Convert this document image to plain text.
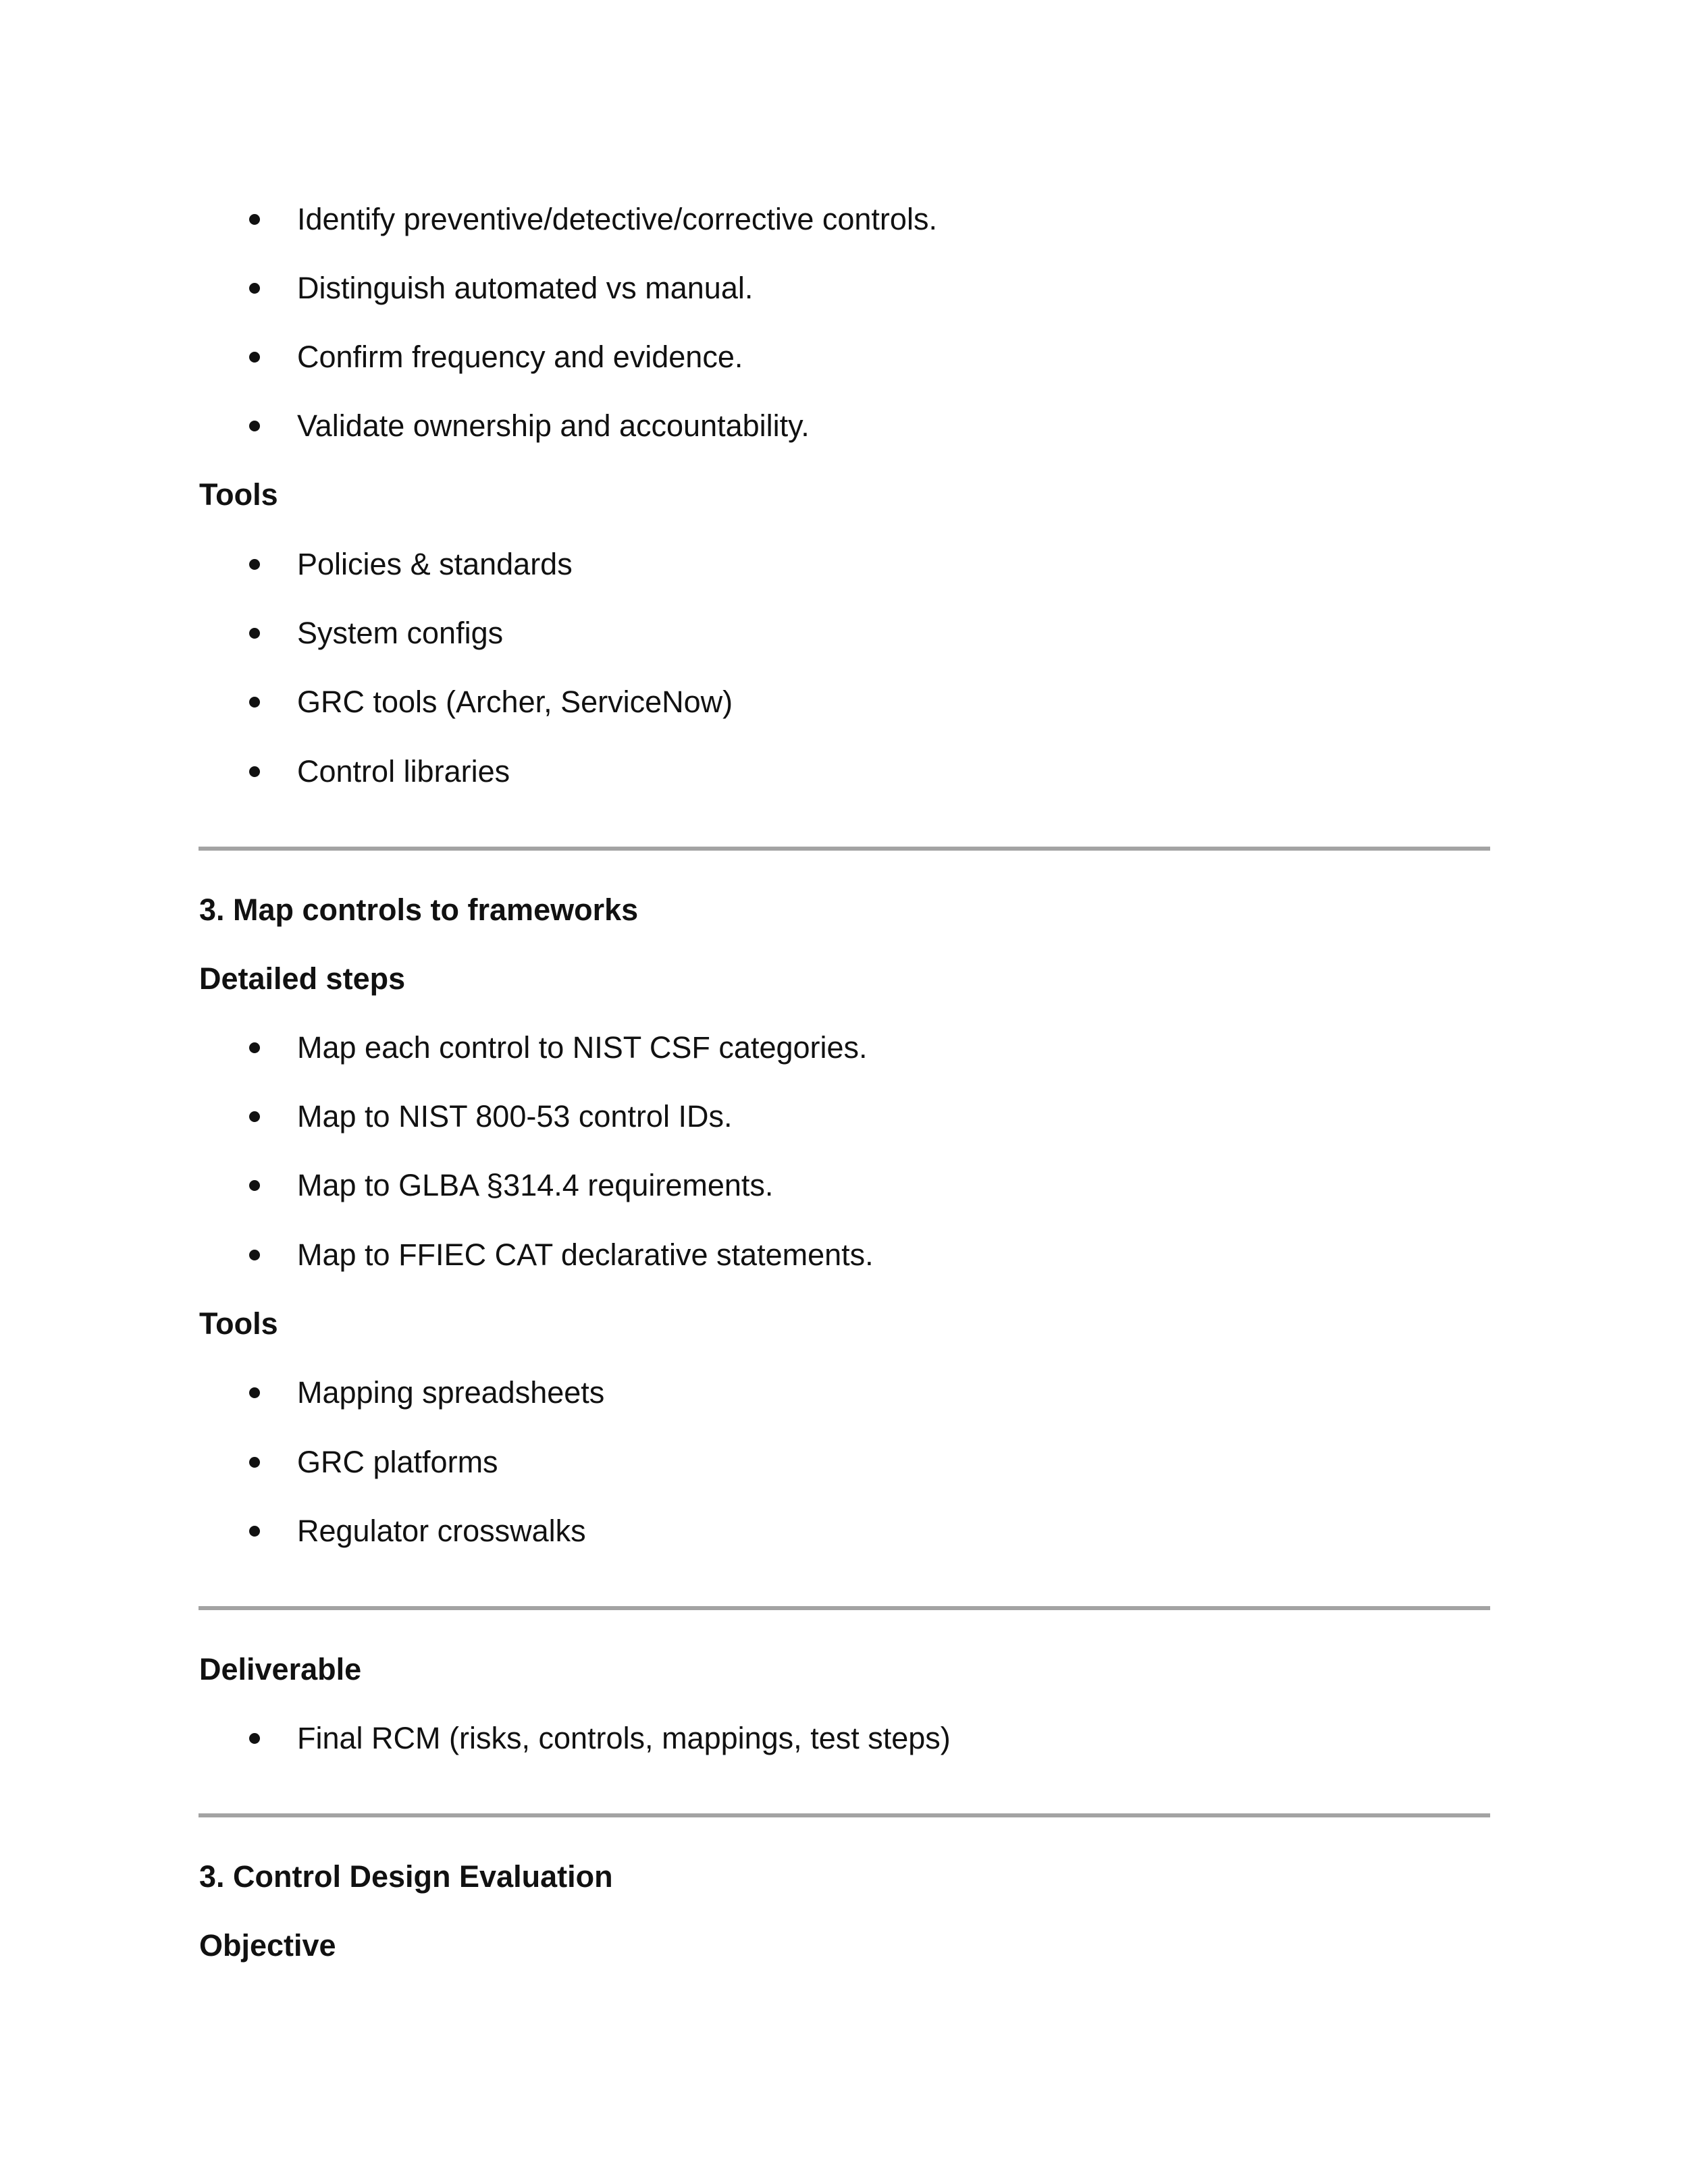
Identify preventive/detective/corrective controls.
Distinguish automated vs manual.
Confirm frequency and evidence.
Validate ownership and accountability.
Tools
Policies & standards
System configs
GRC tools (Archer, ServiceNow)
Control libraries
3. Map controls to frameworks
Detailed steps
Map each control to NIST CSF categories.
Map to NIST 800-53 control IDs.
Map to GLBA §314.4 requirements.
Map to FFIEC CAT declarative statements.
Tools
Mapping spreadsheets
GRC platforms
Regulator crosswalks
Deliverable
Final RCM (risks, controls, mappings, test steps)
3. Control Design Evaluation
Objective
